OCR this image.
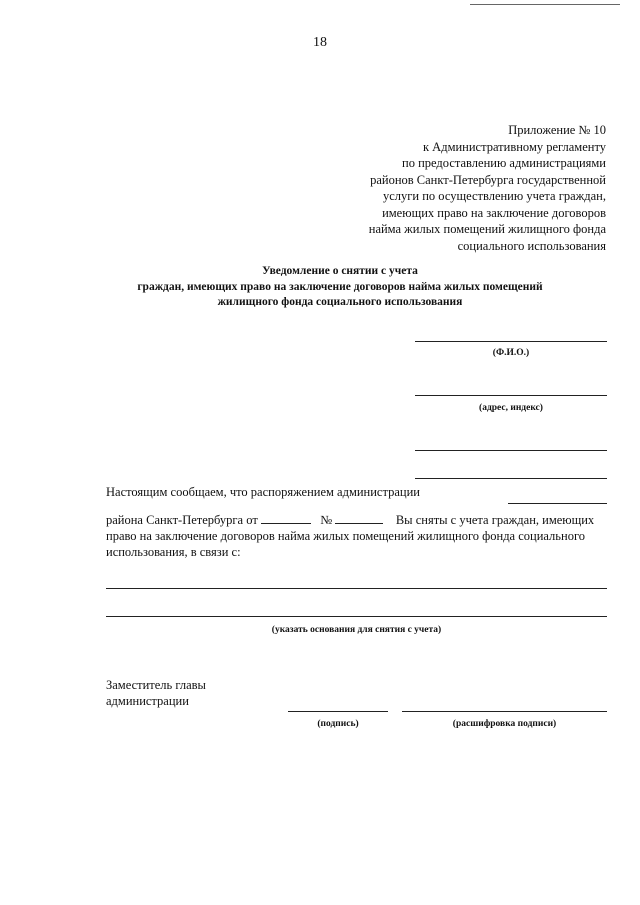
18
Приложение № 10
к Административному регламенту
по предоставлению администрациями
районов Санкт-Петербурга государственной
услуги по осуществлению учета граждан,
имеющих право на заключение договоров
найма жилых помещений жилищного фонда
социального использования
Уведомление о снятии с учета
граждан, имеющих право на заключение договоров найма жилых помещений
жилищного фонда социального использования
(Ф.И.О.)
(адрес, индекс)
Настоящим сообщаем, что распоряжением администрации
района Санкт-Петербурга от	№	Вы сняты с учета граждан, имеющих
право на заключение договоров найма жилых помещений жилищного фонда социального
использования, в связи с:
(указать основания для снятия с учета)
Заместитель главы
администрации
(подпись)	(расшифровка подписи)
